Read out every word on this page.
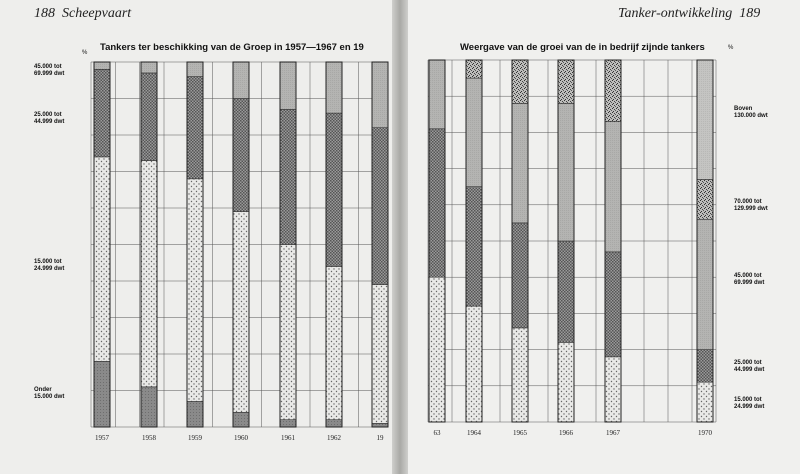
188 Scheepvaart
Tankers ter beschikking van de Groep in 1957—1967 en 19
%
45.000 tot
69.999 dwt
25.000 tot
44.999 dwt
15.000 tot
24.999 dwt
Onder
15.000 dwt
Tanker-ontwikkeling 189
Weergave van de groei van de in bedrijf zijnde tankers	%
Boven
130.000 dwt
70.000 tot
129.999 dwt
45.000 tot
69.999 dwt
25.000 tot
44.999 dwt
15.000 tot
24.999 dwt
1957	1958	1959	1960	1961	1962	19
63	1964	1965	1966	1967	1970
